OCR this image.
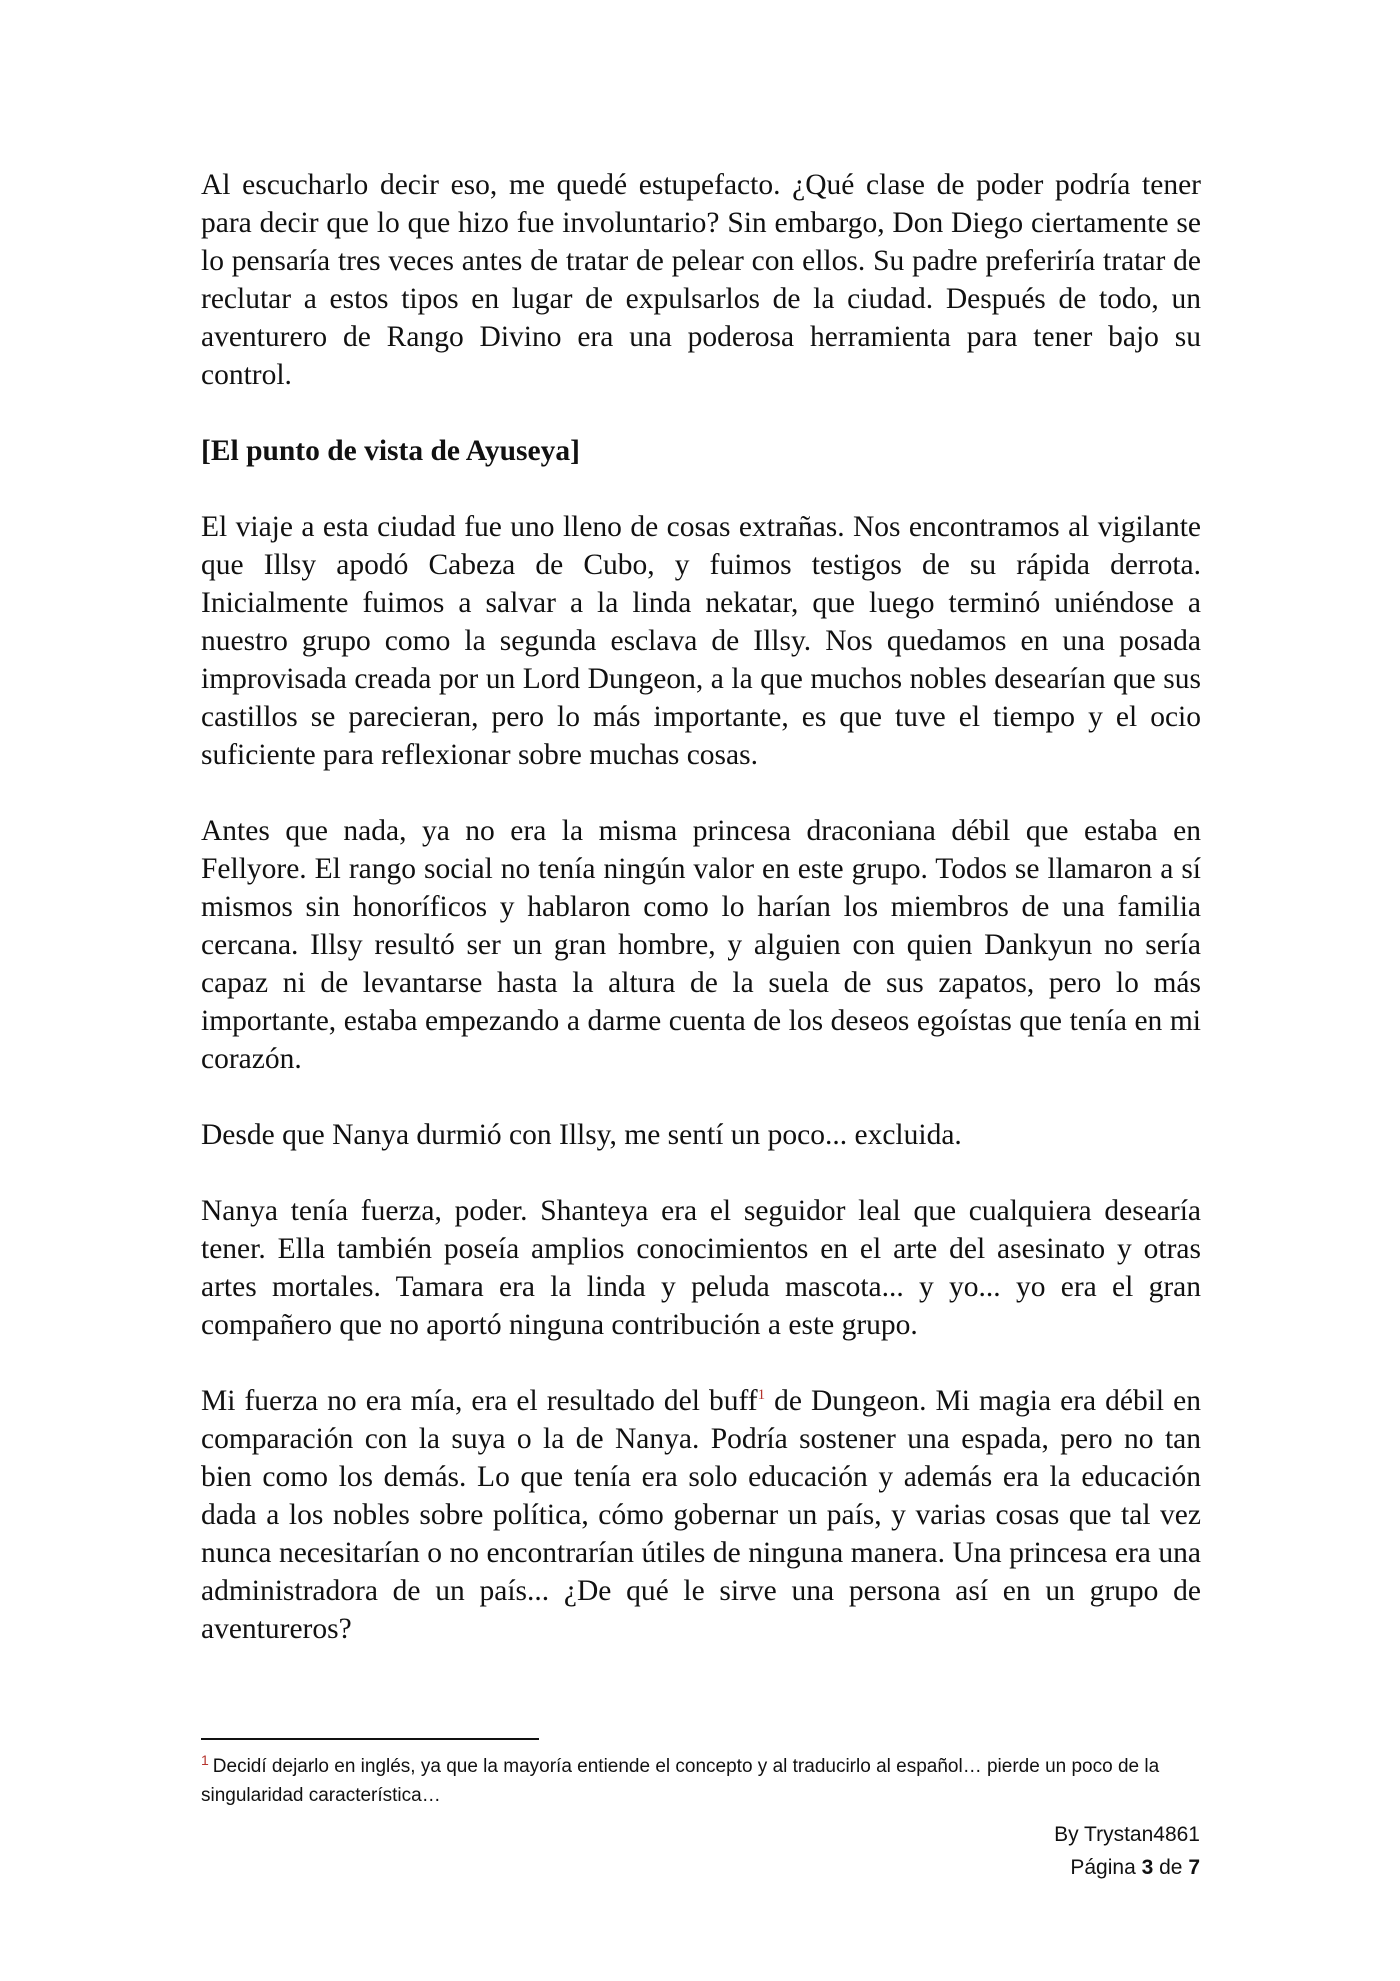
Al escucharlo decir eso, me quedé estupefacto. ¿Qué clase de poder podría tener para decir que lo que hizo fue involuntario? Sin embargo, Don Diego ciertamente se lo pensaría tres veces antes de tratar de pelear con ellos. Su padre preferiría tratar de reclutar a estos tipos en lugar de expulsarlos de la ciudad. Después de todo, un aventurero de Rango Divino era una poderosa herramienta para tener bajo su control.

[El punto de vista de Ayuseya]

El viaje a esta ciudad fue uno lleno de cosas extrañas. Nos encontramos al vigilante que Illsy apodó Cabeza de Cubo, y fuimos testigos de su rápida derrota. Inicialmente fuimos a salvar a la linda nekatar, que luego terminó uniéndose a nuestro grupo como la segunda esclava de Illsy. Nos quedamos en una posada improvisada creada por un Lord Dungeon, a la que muchos nobles desearían que sus castillos se parecieran, pero lo más importante, es que tuve el tiempo y el ocio suficiente para reflexionar sobre muchas cosas.

Antes que nada, ya no era la misma princesa draconiana débil que estaba en Fellyore. El rango social no tenía ningún valor en este grupo. Todos se llamaron a sí mismos sin honoríficos y hablaron como lo harían los miembros de una familia cercana. Illsy resultó ser un gran hombre, y alguien con quien Dankyun no sería capaz ni de levantarse hasta la altura de la suela de sus zapatos, pero lo más importante, estaba empezando a darme cuenta de los deseos egoístas que tenía en mi corazón.

Desde que Nanya durmió con Illsy, me sentí un poco... excluida.

Nanya tenía fuerza, poder. Shanteya era el seguidor leal que cualquiera desearía tener. Ella también poseía amplios conocimientos en el arte del asesinato y otras artes mortales. Tamara era la linda y peluda mascota... y yo... yo era el gran compañero que no aportó ninguna contribución a este grupo.

Mi fuerza no era mía, era el resultado del buff$^1$ de Dungeon. Mi magia era débil en comparación con la suya o la de Nanya. Podría sostener una espada, pero no tan bien como los demás. Lo que tenía era solo educación y además era la educación dada a los nobles sobre política, cómo gobernar un país, y varias cosas que tal vez nunca necesitarían o no encontrarían útiles de ninguna manera. Una princesa era una administradora de un país... ¿De qué le sirve una persona así en un grupo de aventureros?

$^1$ Decidí dejarlo en inglés, ya que la mayoría entiende el concepto y al traducirlo al español… pierde un poco de la singularidad característica…
By Trystan4861
Página 3 de 7
